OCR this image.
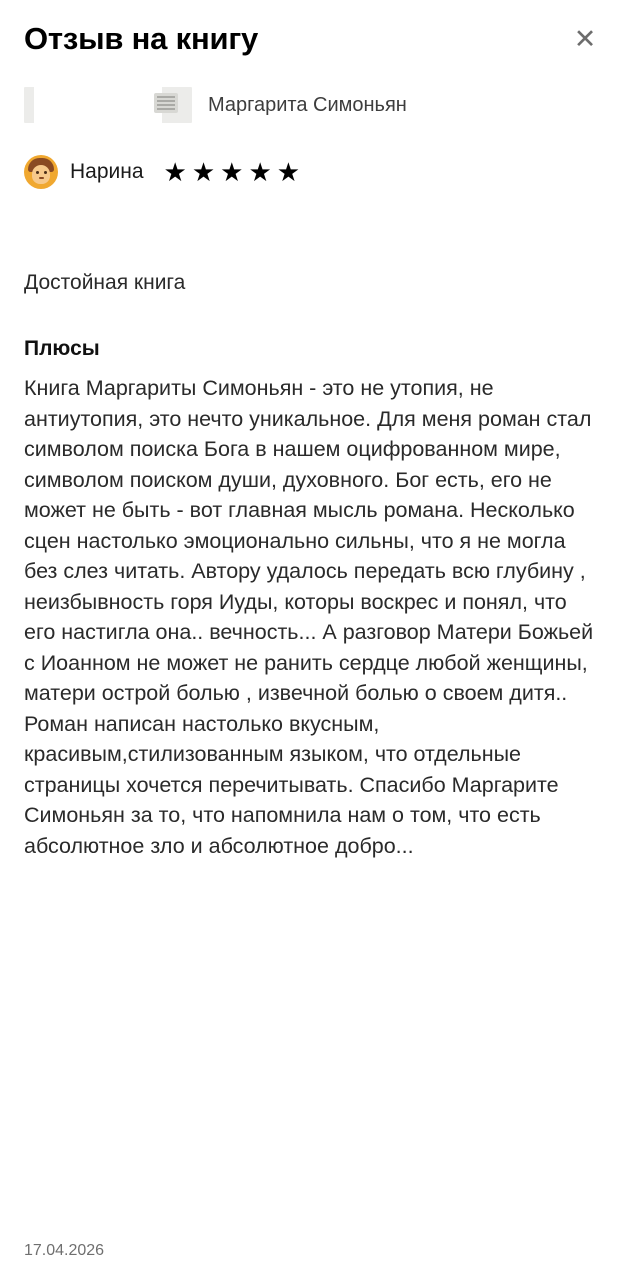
Отзыв на книгу	✕
Маргарита Симоньян
Нарина ★ ★ ★ ★ ★
Достойная книга
Плюсы
Книга Маргариты Симоньян - это не утопия, не антиутопия, это нечто уникальное. Для меня роман стал символом поиска Бога в нашем оцифрованном мире, символом поиском души, духовного. Бог есть, его не может не быть - вот главная мысль романа. Несколько сцен настолько эмоционально сильны, что я не могла без слез читать. Автору удалось передать всю глубину , неизбывность горя Иуды, которы воскрес и понял, что его настигла она.. вечность... А разговор Матери Божьей с Иоанном не может не ранить сердце любой женщины, матери острой болью , извечной болью о своем дитя.. Роман написан настолько вкусным, красивым,стилизованным языком, что отдельные страницы хочется перечитывать. Спасибо Маргарите Симоньян за то, что напомнила нам о том, что есть абсолютное зло и абсолютное добро...
17.04.2026
